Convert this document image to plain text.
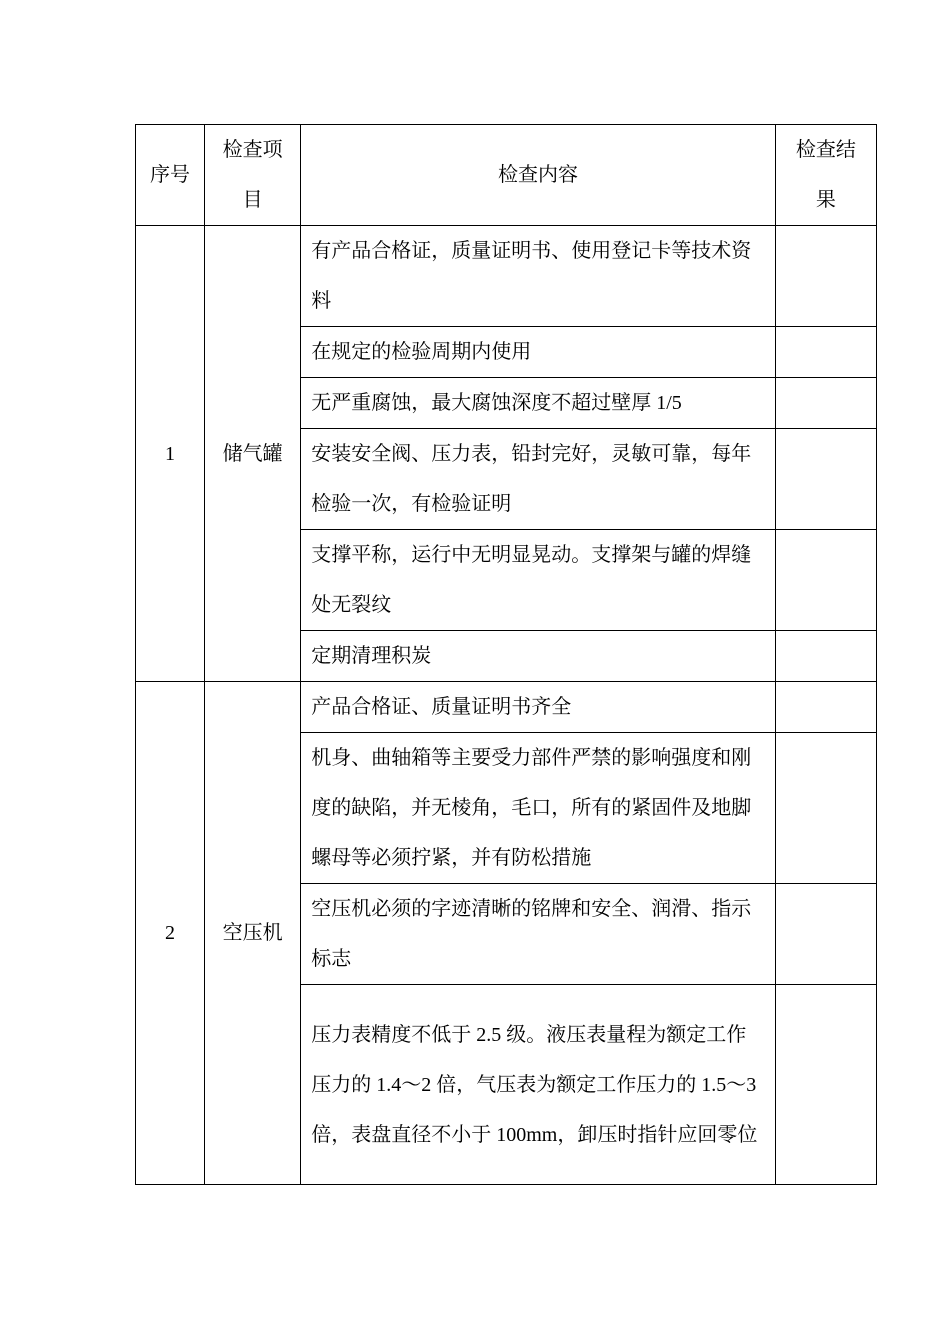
序号	检查项目	检查内容	检查结果
1	储气罐	有产品合格证，质量证明书、使用登记卡等技术资料	
		在规定的检验周期内使用	
		无严重腐蚀，最大腐蚀深度不超过壁厚 1/5	
		安装安全阀、压力表，铅封完好，灵敏可靠，每年检验一次，有检验证明	
		支撑平称，运行中无明显晃动。支撑架与罐的焊缝处无裂纹	
		定期清理积炭	
2	空压机	产品合格证、质量证明书齐全	
		机身、曲轴箱等主要受力部件严禁的影响强度和刚度的缺陷，并无棱角，毛口，所有的紧固件及地脚螺母等必须拧紧，并有防松措施	
		空压机必须的字迹清晰的铭牌和安全、润滑、指示标志	
		压力表精度不低于 2.5 级。液压表量程为额定工作压力的 1.4～2 倍，气压表为额定工作压力的 1.5～3 倍，表盘直径不小于 100mm，卸压时指针应回零位	
